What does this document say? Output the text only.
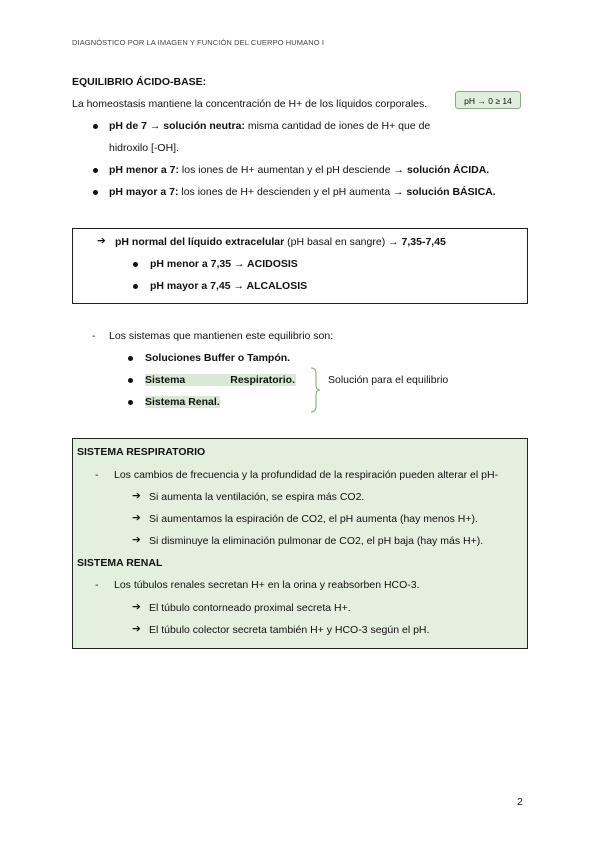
DIAGNÓSTICO POR LA IMAGEN Y FUNCIÓN DEL CUERPO HUMANO I
EQUILIBRIO ÁCIDO-BASE:
La homeostasis mantiene la concentración de H+ de los líquidos corporales.	pH → 0 ≥ 14
pH de 7 → solución neutra: misma cantidad de iones de H+ que de
hidroxilo [-OH].
pH menor a 7: los iones de H+ aumentan y el pH desciende → solución ÁCIDA.
pH mayor a 7: los iones de H+ descienden y el pH aumenta → solución BÁSICA.
➔ pH normal del líquido extracelular (pH basal en sangre) → 7,35-7,45
pH menor a 7,35 → ACIDOSIS
pH mayor a 7,45 → ALCALOSIS
- Los sistemas que mantienen este equilibrio son:
Soluciones Buffer o Tampón.
Sistema	Respiratorio.
Sistema Renal.
Solución para el equilibrio
SISTEMA RESPIRATORIO
- Los cambios de frecuencia y la profundidad de la respiración pueden alterar el pH-
➔ Si aumenta la ventilación, se espira más CO2.
➔ Si aumentamos la espiración de CO2, el pH aumenta (hay menos H+).
➔ Si disminuye la eliminación pulmonar de CO2, el pH baja (hay más H+).
SISTEMA RENAL
- Los túbulos renales secretan H+ en la orina y reabsorben HCO-3.
➔ El túbulo contorneado proximal secreta H+.
➔ El túbulo colector secreta también H+ y HCO-3 según el pH.
2
